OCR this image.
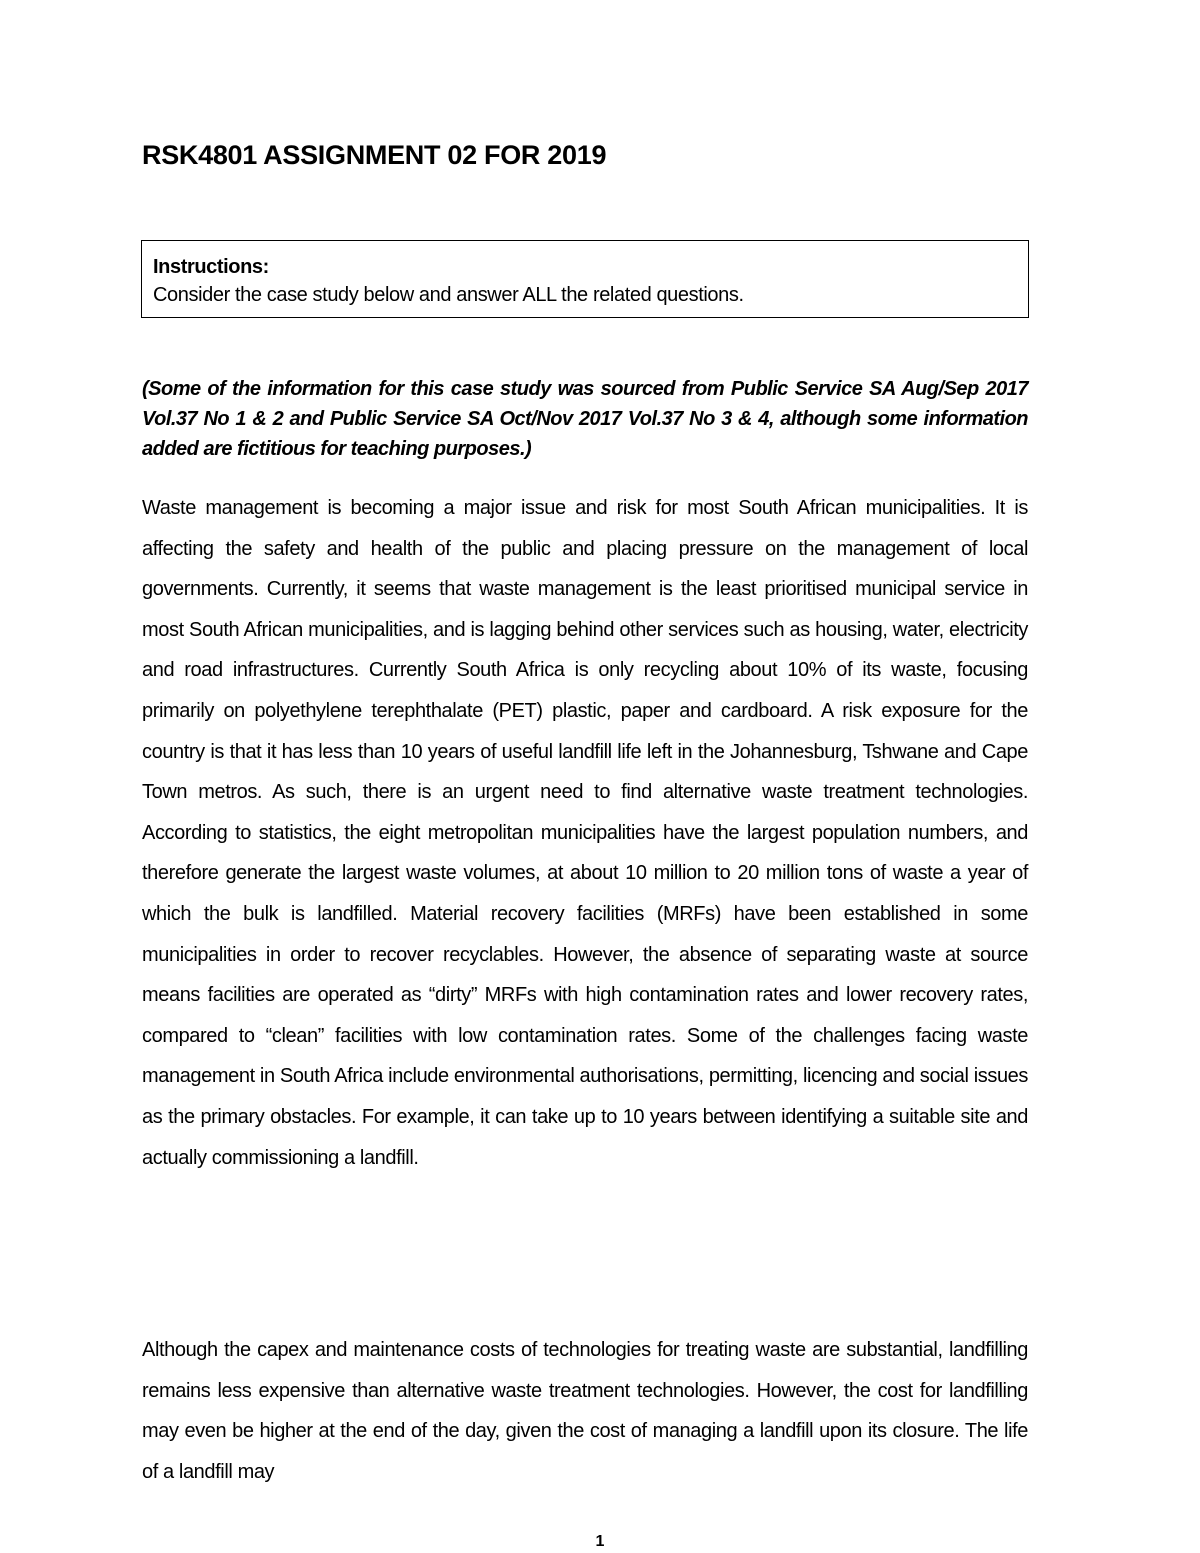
RSK4801 ASSIGNMENT 02 FOR 2019

Instructions:

Consider the case study below and answer ALL the related questions.

(Some of the information for this case study was sourced from Public Service SA Aug/Sep 2017 Vol.37 No 1 & 2 and Public Service SA Oct/Nov 2017 Vol.37 No 3 & 4, although some information added are fictitious for teaching purposes.)

Waste management is becoming a major issue and risk for most South African municipalities. It is affecting the safety and health of the public and placing pressure on the management of local governments. Currently, it seems that waste management is the least prioritised municipal service in most South African municipalities, and is lagging behind other services such as housing, water, electricity and road infrastructures. Currently South Africa is only recycling about 10% of its waste, focusing primarily on polyethylene terephthalate (PET) plastic, paper and cardboard. A risk exposure for the country is that it has less than 10 years of useful landfill life left in the Johannesburg, Tshwane and Cape Town metros. As such, there is an urgent need to find alternative waste treatment technologies. According to statistics, the eight metropolitan municipalities have the largest population numbers, and therefore generate the largest waste volumes, at about 10 million to 20 million tons of waste a year of which the bulk is landfilled. Material recovery facilities (MRFs) have been established in some municipalities in order to recover recyclables. However, the absence of separating waste at source means facilities are operated as “dirty” MRFs with high contamination rates and lower recovery rates, compared to “clean” facilities with low contamination rates. Some of the challenges facing waste management in South Africa include environmental authorisations, permitting, licencing and social issues as the primary obstacles. For example, it can take up to 10 years between identifying a suitable site and actually commissioning a landfill.

Although the capex and maintenance costs of technologies for treating waste are substantial, landfilling remains less expensive than alternative waste treatment technologies. However, the cost for landfilling may even be higher at the end of the day, given the cost of managing a landfill upon its closure. The life of a landfill may

1
